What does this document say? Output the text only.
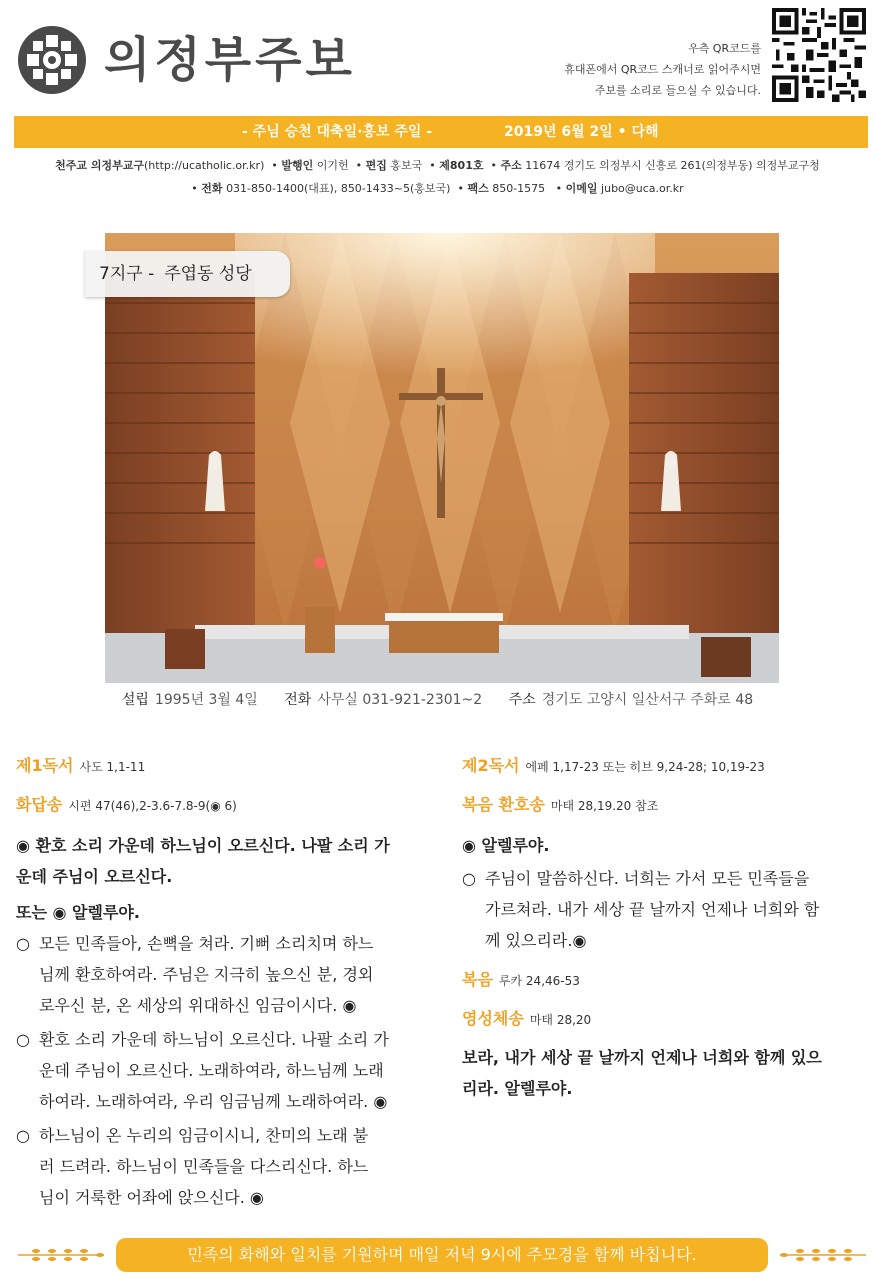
의정부주보	우측 QR코드를
휴대폰에서 QR코드 스캐너로 읽어주시면
주보를 소리로 들으실 수 있습니다.
- 주님 승천 대축일·홍보 주일 -	2019년 6월 2일 • 다해
천주교 의정부교구(http://ucatholic.or.kr)  • 발행인 이기헌  • 편집 홍보국  • 제801호  • 주소 11674 경기도 의정부시 신흥로 261(의정부동) 의정부교구청
• 전화 031-850-1400(대표), 850-1433~5(홍보국)  • 팩스 850-1575   • 이메일 jubo@uca.or.kr
7지구 - 주엽동 성당
설립 1995년 3월 4일 전화 사무실 031-921-2301~2 주소 경기도 고양시 일산서구 주화로 48
제1독서 사도 1,1-11
화답송 시편 47(46),2-3.6-7.8-9(◉ 6)
◉ 환호 소리 가운데 하느님이 오르신다. 나팔 소리 가
운데 주님이 오르신다.
또는 ◉ 알렐루야.
○ 모든 민족들아, 손뼉을 쳐라. 기뻐 소리치며 하느
님께 환호하여라. 주님은 지극히 높으신 분, 경외
로우신 분, 온 세상의 위대하신 임금이시다. ◉
○ 환호 소리 가운데 하느님이 오르신다. 나팔 소리 가
운데 주님이 오르신다. 노래하여라, 하느님께 노래
하여라. 노래하여라, 우리 임금님께 노래하여라. ◉
○ 하느님이 온 누리의 임금이시니, 찬미의 노래 불
러 드려라. 하느님이 민족들을 다스리신다. 하느
님이 거룩한 어좌에 앉으신다. ◉
제2독서 에페 1,17-23 또는 히브 9,24-28; 10,19-23
복음 환호송 마태 28,19.20 참조
◉ 알렐루야.
○ 주님이 말씀하신다. 너희는 가서 모든 민족들을
가르쳐라. 내가 세상 끝 날까지 언제나 너희와 함
께 있으리라.◉
복음 루카 24,46-53
영성체송 마태 28,20
보라, 내가 세상 끝 날까지 언제나 너희와 함께 있으
리라. 알렐루야.
민족의 화해와 일치를 기원하며 매일 저녁 9시에 주모경을 함께 바칩니다.
